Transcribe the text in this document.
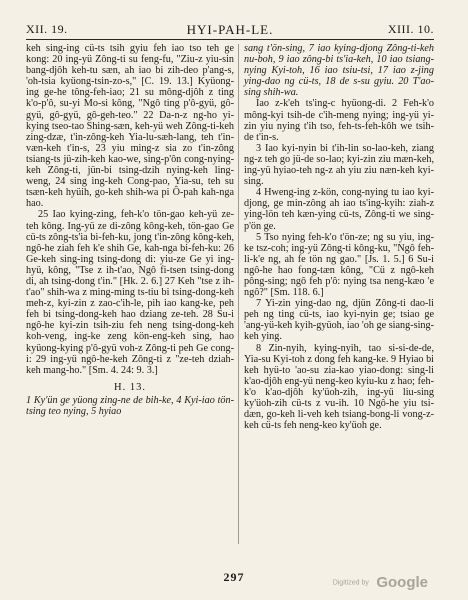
XII. 19.	HYI-PAH-LE.	XIII. 10.

keh sing-ing cü-ts tsih gyiu feh iao tso teh ge kong: 20 ing-yü Zông-ti su feng-fu, "Ziu-z yiu-sin bang-djôh keh-tu sæn, ah iao bi zih-deo p'ang-s, 'oh-tsia kyüong-tsin-zo-s," [C. 19. 13.] Kyüong-ing ge-he tông-feh-iao; 21 su mông-djôh z ting k'o-p'ô, su-yi Mo-si kông, "Ngô ting p'ô-gyü, gô-gyü, gô-gyü, gô-geh-teo." 22 Da-n-z ng-ho yi-kying tseo-tao Shing-sæn, keh-yü weh Zông-ti-keh zing-dzæ, t'in-zông-keh Yia-lu-sæh-lang, teh t'in-væn-keh t'in-s, 23 yiu ming-z sia zo t'in-zông tsiang-ts jü-zih-keh kao-we, sing-p'ôn cong-nying-keh Zông-ti, jün-bi tsing-dzih nying-keh ling-weng, 24 sing ing-keh Cong-pao, Yia-su, teh su tsæn-keh hyüih, go-keh shih-wa pi Ô-pah kah-nga hao.

25 Iao kying-zing, feh-k'o tön-gao keh-yü ze-teh kông. Ing-yü ze di-zông kông-keh, tön-gao Ge cü-ts zông-ts'ia bi-feh-ku, jong t'in-zông kông-keh, ngô-he ziah feh k'e shih Ge, kah-nga bi-feh-ku: 26 Ge-keh sing-ing tsing-dong di: yiu-ze Ge yi ing-hyü, kông, "Tse z ih-t'ao, Ngô fi-tsen tsing-dong di, ah tsing-dong t'in." [Hk. 2. 6.] 27 Keh "tse z ih-t'ao" shih-wa z ming-ming ts-tiu bi tsing-dong-keh meh-z, kyi-zin z zao-c'ih-le, pih iao kang-ke, peh feh bi tsing-dong-keh hao dziang ze-teh. 28 Su-i ngô-he kyi-zin tsih-ziu feh neng tsing-dong-keh koh-veng, ing-ke zeng kön-eng-keh sing, hao kyüong-kying p'ô-gyü voh-z Zông-ti peh Ge cong-i: 29 ing-yü ngô-he-keh Zông-ti z "ze-teh dziah-keh mang-ho." [Sm. 4. 24: 9. 3.]

H. 13.

1 Ky'ün ge yüong zing-ne de bih-ke, 4 Kyi-iao tön-tsing teo nying, 5 hyiao

sang t'ön-sing, 7 iao kying-djong Zông-ti-keh nu-boh, 9 iao zông-bi ts'ia-keh, 10 iao tsiang-nying Kyi-toh, 16 iao tsiu-tsi, 17 iao z-jing ying-dao ng cü-ts, 18 de s-su gyiu. 20 T'ao-sing shih-wa.

Iao z-k'eh ts'ing-c hyüong-di. 2 Feh-k'o mông-kyi tsih-de c'ih-meng nying; ing-yü yi-zin yiu nying t'ih tso, feh-ts-feh-kôh we tsih-de t'in-s.

3 Iao kyi-nyin bi t'ih-lin so-lao-keh, ziang ng-z teh go jü-de so-lao; kyi-zin ziu mæn-keh, ing-yü hyiao-teh ng-z ah yiu ziu næn-keh kyi-sing.

4 Hweng-ing z-kön, cong-nying tu iao kyi-djong, ge min-zông ah iao ts'ing-kyih: ziah-z ying-lön teh kæn-ying cü-ts, Zông-ti we sing-p'ön ge.

5 Tso nying feh-k'o t'ön-ze; ng su yiu, ing-ke tsz-coh; ing-yü Zông-ti kông-ku, "Ngô feh-li-k'e ng, ah fe tön ng gao." [Js. 1. 5.] 6 Su-i ngô-he hao fong-tæn kông, "Cü z ngô-keh pông-sing; ngô feh p'ô: nying tsa neng-kæo 'e ngô?" [Sm. 118. 6.]

7 Yi-zin ying-dao ng, djün Zông-ti dao-li peh ng ting cü-ts, iao kyi-nyin ge; tsiao ge 'ang-yü-keh kyih-gyüoh, iao 'oh ge siang-sing-keh ying.

8 Zin-nyih, kying-nyih, tao si-si-de-de, Yia-su Kyi-toh z dong feh kang-ke. 9 Hyiao bi keh hyü-to 'ao-su zia-kao yiao-dong: sing-li k'ao-djôh eng-yü neng-keo kyiu-ku z hao; feh-k'o k'ao-djôh ky'üoh-zih, ing-yü liu-sing ky'üoh-zih cü-ts z vu-ih. 10 Ngô-he yiu tsi-dæn, go-keh li-veh keh tsiang-bong-li vong-z-keh cü-ts feh neng-keo ky'üoh ge.

297	Digitized by Google
